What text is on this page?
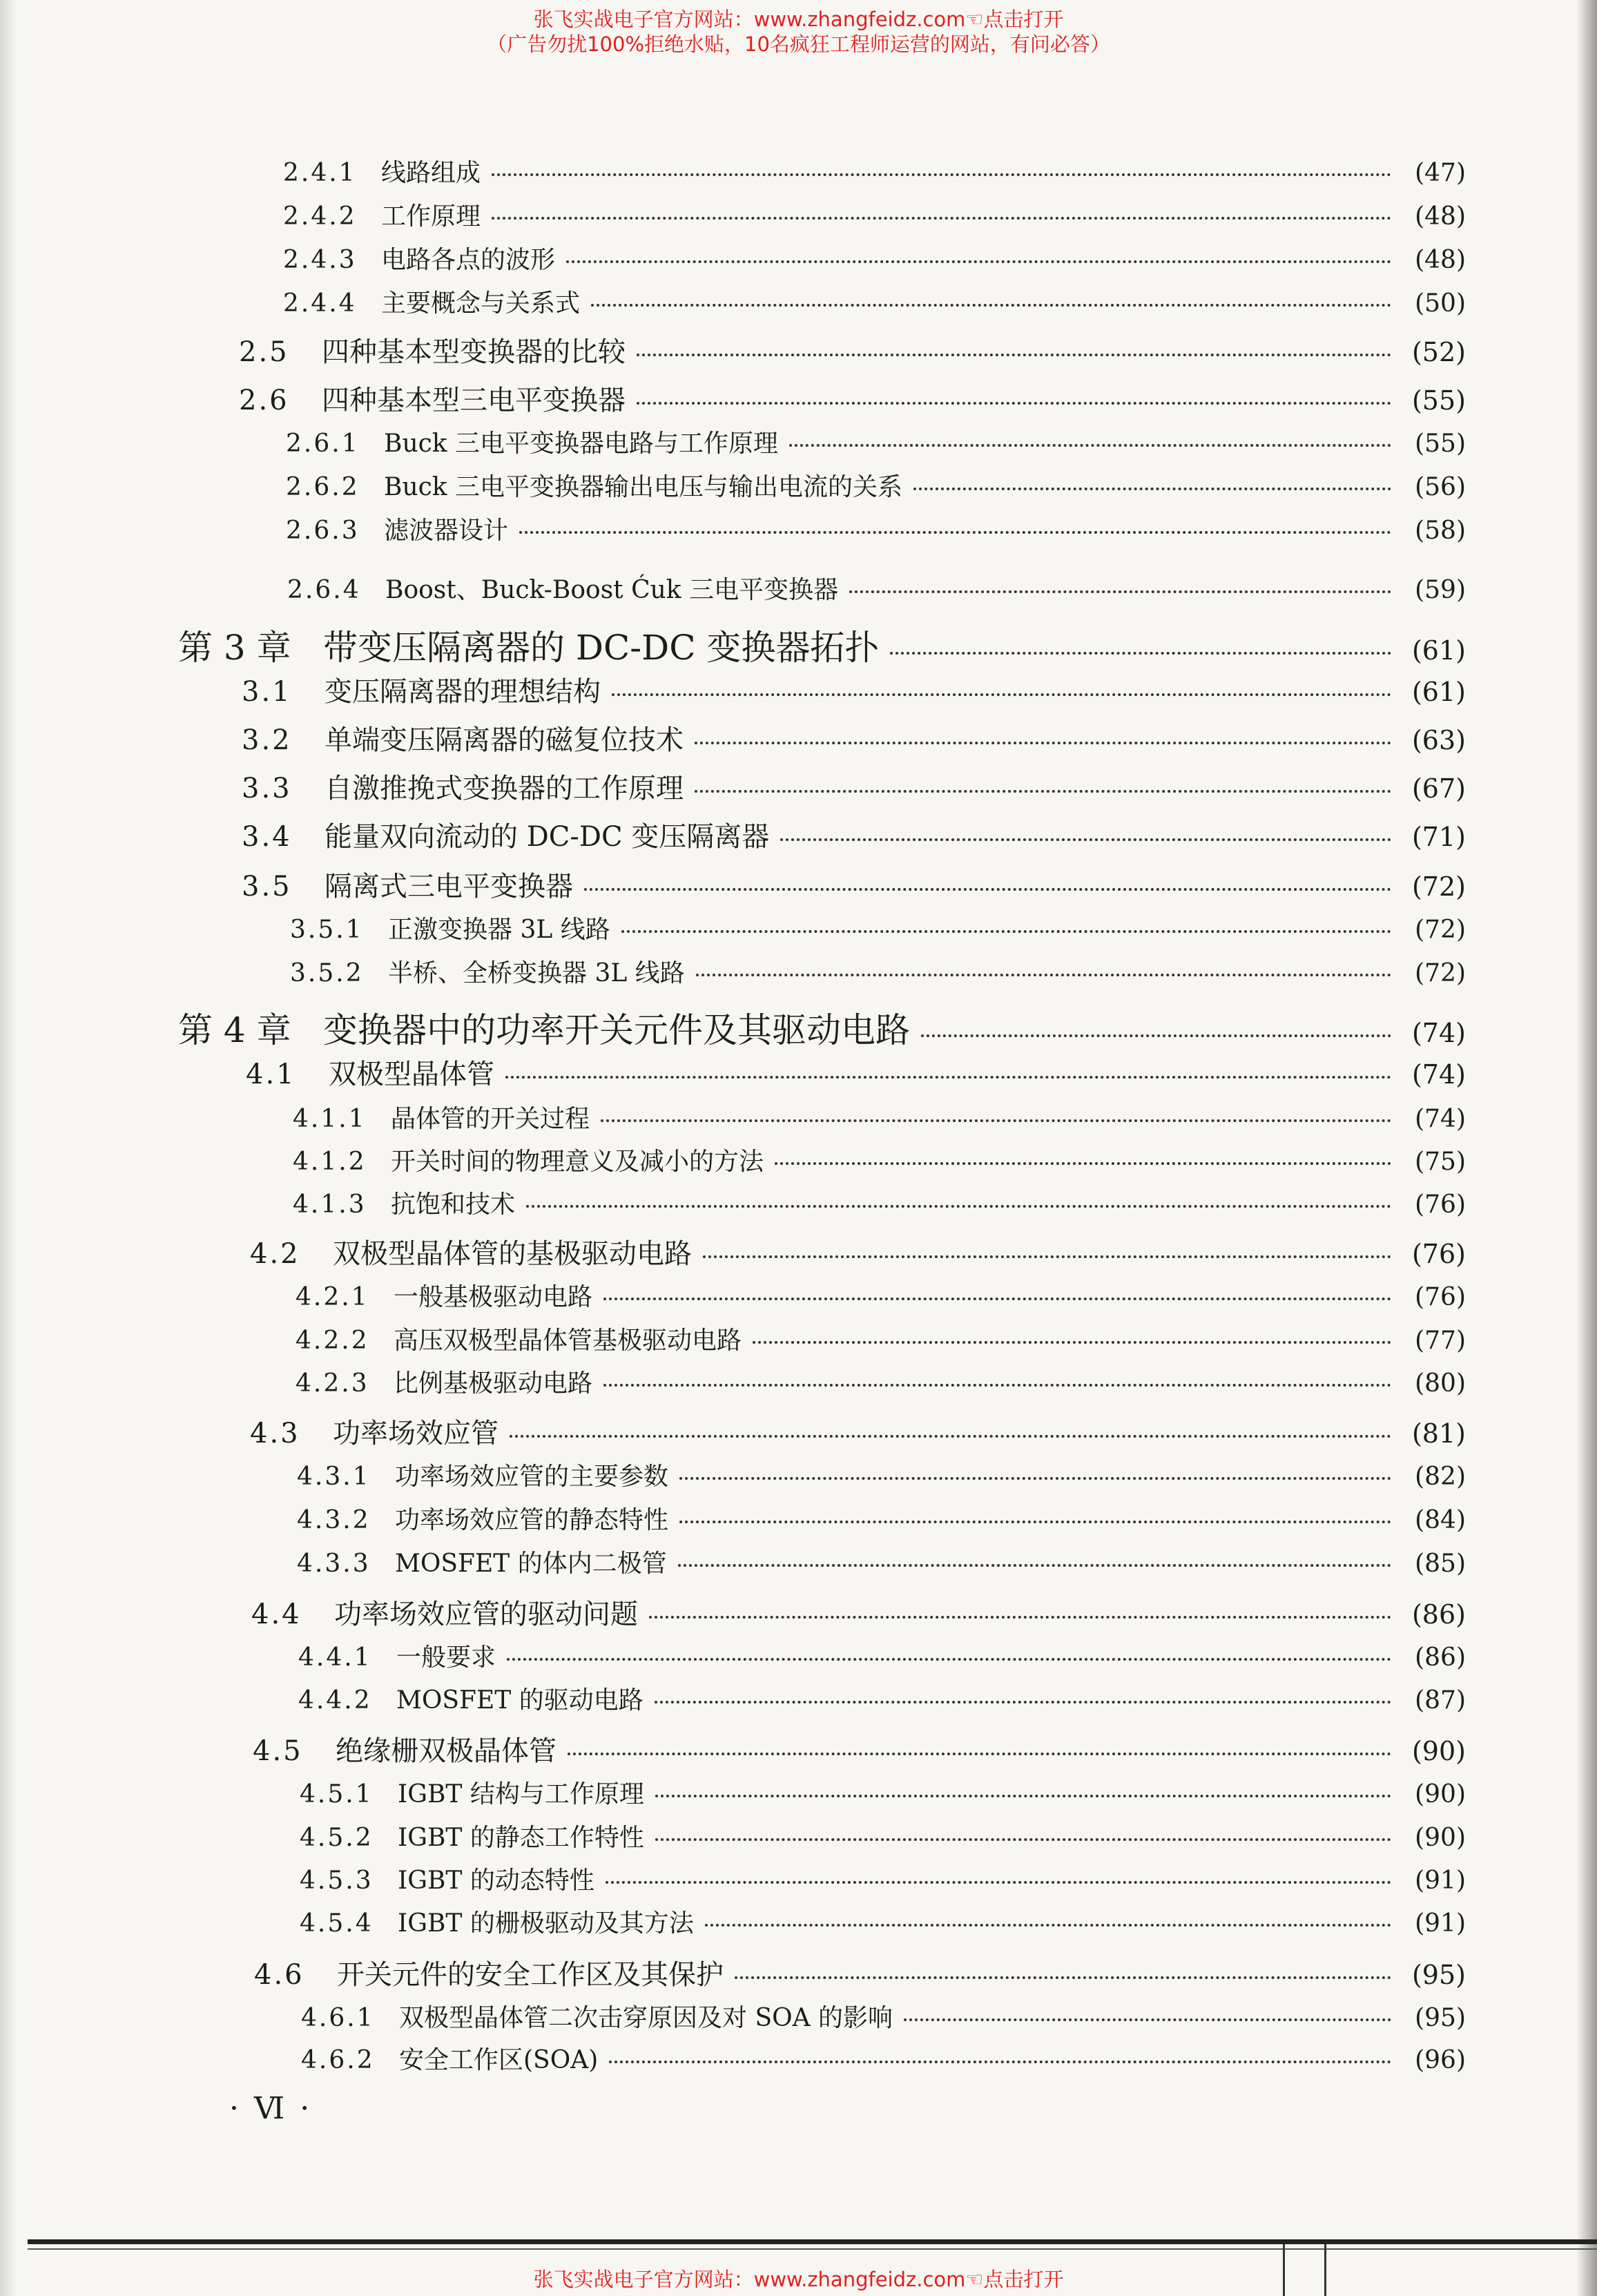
张飞实战电子官方网站：www.zhangfeidz.com☜点击打开
（广告勿扰100%拒绝水贴，10名疯狂工程师运营的网站，有问必答）
2.4.1 线路组成	(47)
2.4.2 工作原理	(48)
2.4.3 电路各点的波形	(48)
2.4.4 主要概念与关系式	(50)
2.5	四种基本型变换器的比较	(52)
2.6	四种基本型三电平变换器	(55)
2.6.1 Buck 三电平变换器电路与工作原理	(55)
2.6.2 Buck 三电平变换器输出电压与输出电流的关系	(56)
2.6.3 滤波器设计	(58)
2.6.4 Boost、Buck-Boost Ćuk 三电平变换器	(59)
第 3 章 带变压隔离器的 DC-DC 变换器拓扑	(61)
3.1	变压隔离器的理想结构	(61)
3.2	单端变压隔离器的磁复位技术	(63)
3.3	自激推挽式变换器的工作原理	(67)
3.4	能量双向流动的 DC-DC 变压隔离器	(71)
3.5	隔离式三电平变换器	(72)
3.5.1 正激变换器 3L 线路	(72)
3.5.2 半桥、全桥变换器 3L 线路	(72)
第 4 章 变换器中的功率开关元件及其驱动电路	(74)
4.1	双极型晶体管	(74)
4.1.1 晶体管的开关过程	(74)
4.1.2 开关时间的物理意义及减小的方法	(75)
4.1.3 抗饱和技术	(76)
4.2	双极型晶体管的基极驱动电路	(76)
4.2.1 一般基极驱动电路	(76)
4.2.2 高压双极型晶体管基极驱动电路	(77)
4.2.3 比例基极驱动电路	(80)
4.3	功率场效应管	(81)
4.3.1 功率场效应管的主要参数	(82)
4.3.2 功率场效应管的静态特性	(84)
4.3.3 MOSFET 的体内二极管	(85)
4.4	功率场效应管的驱动问题	(86)
4.4.1 一般要求	(86)
4.4.2 MOSFET 的驱动电路	(87)
4.5	绝缘栅双极晶体管	(90)
4.5.1 IGBT 结构与工作原理	(90)
4.5.2 IGBT 的静态工作特性	(90)
4.5.3 IGBT 的动态特性	(91)
4.5.4 IGBT 的栅极驱动及其方法	(91)
4.6	开关元件的安全工作区及其保护	(95)
4.6.1 双极型晶体管二次击穿原因及对 SOA 的影响	(95)
4.6.2 安全工作区(SOA)	(96)
· Ⅵ ·
张飞实战电子官方网站：www.zhangfeidz.com☜点击打开
